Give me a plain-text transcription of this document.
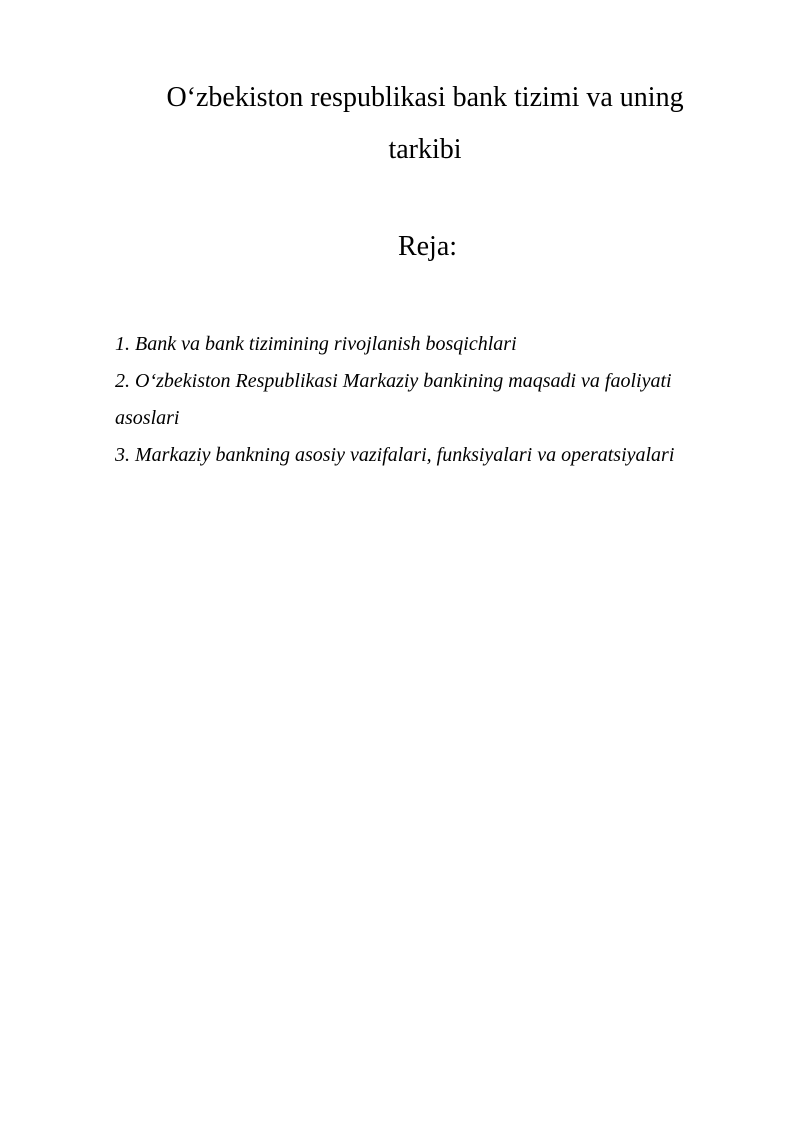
O‘zbekiston respublikasi bank tizimi va uning
tarkibi
Reja:
1. Bank va bank tizimining rivojlanish bosqichlari
2. O‘zbekiston Respublikasi Markaziy bankining maqsadi va faoliyati asoslari
3. Markaziy bankning asosiy vazifalari, funksiyalari va operatsiyalari
